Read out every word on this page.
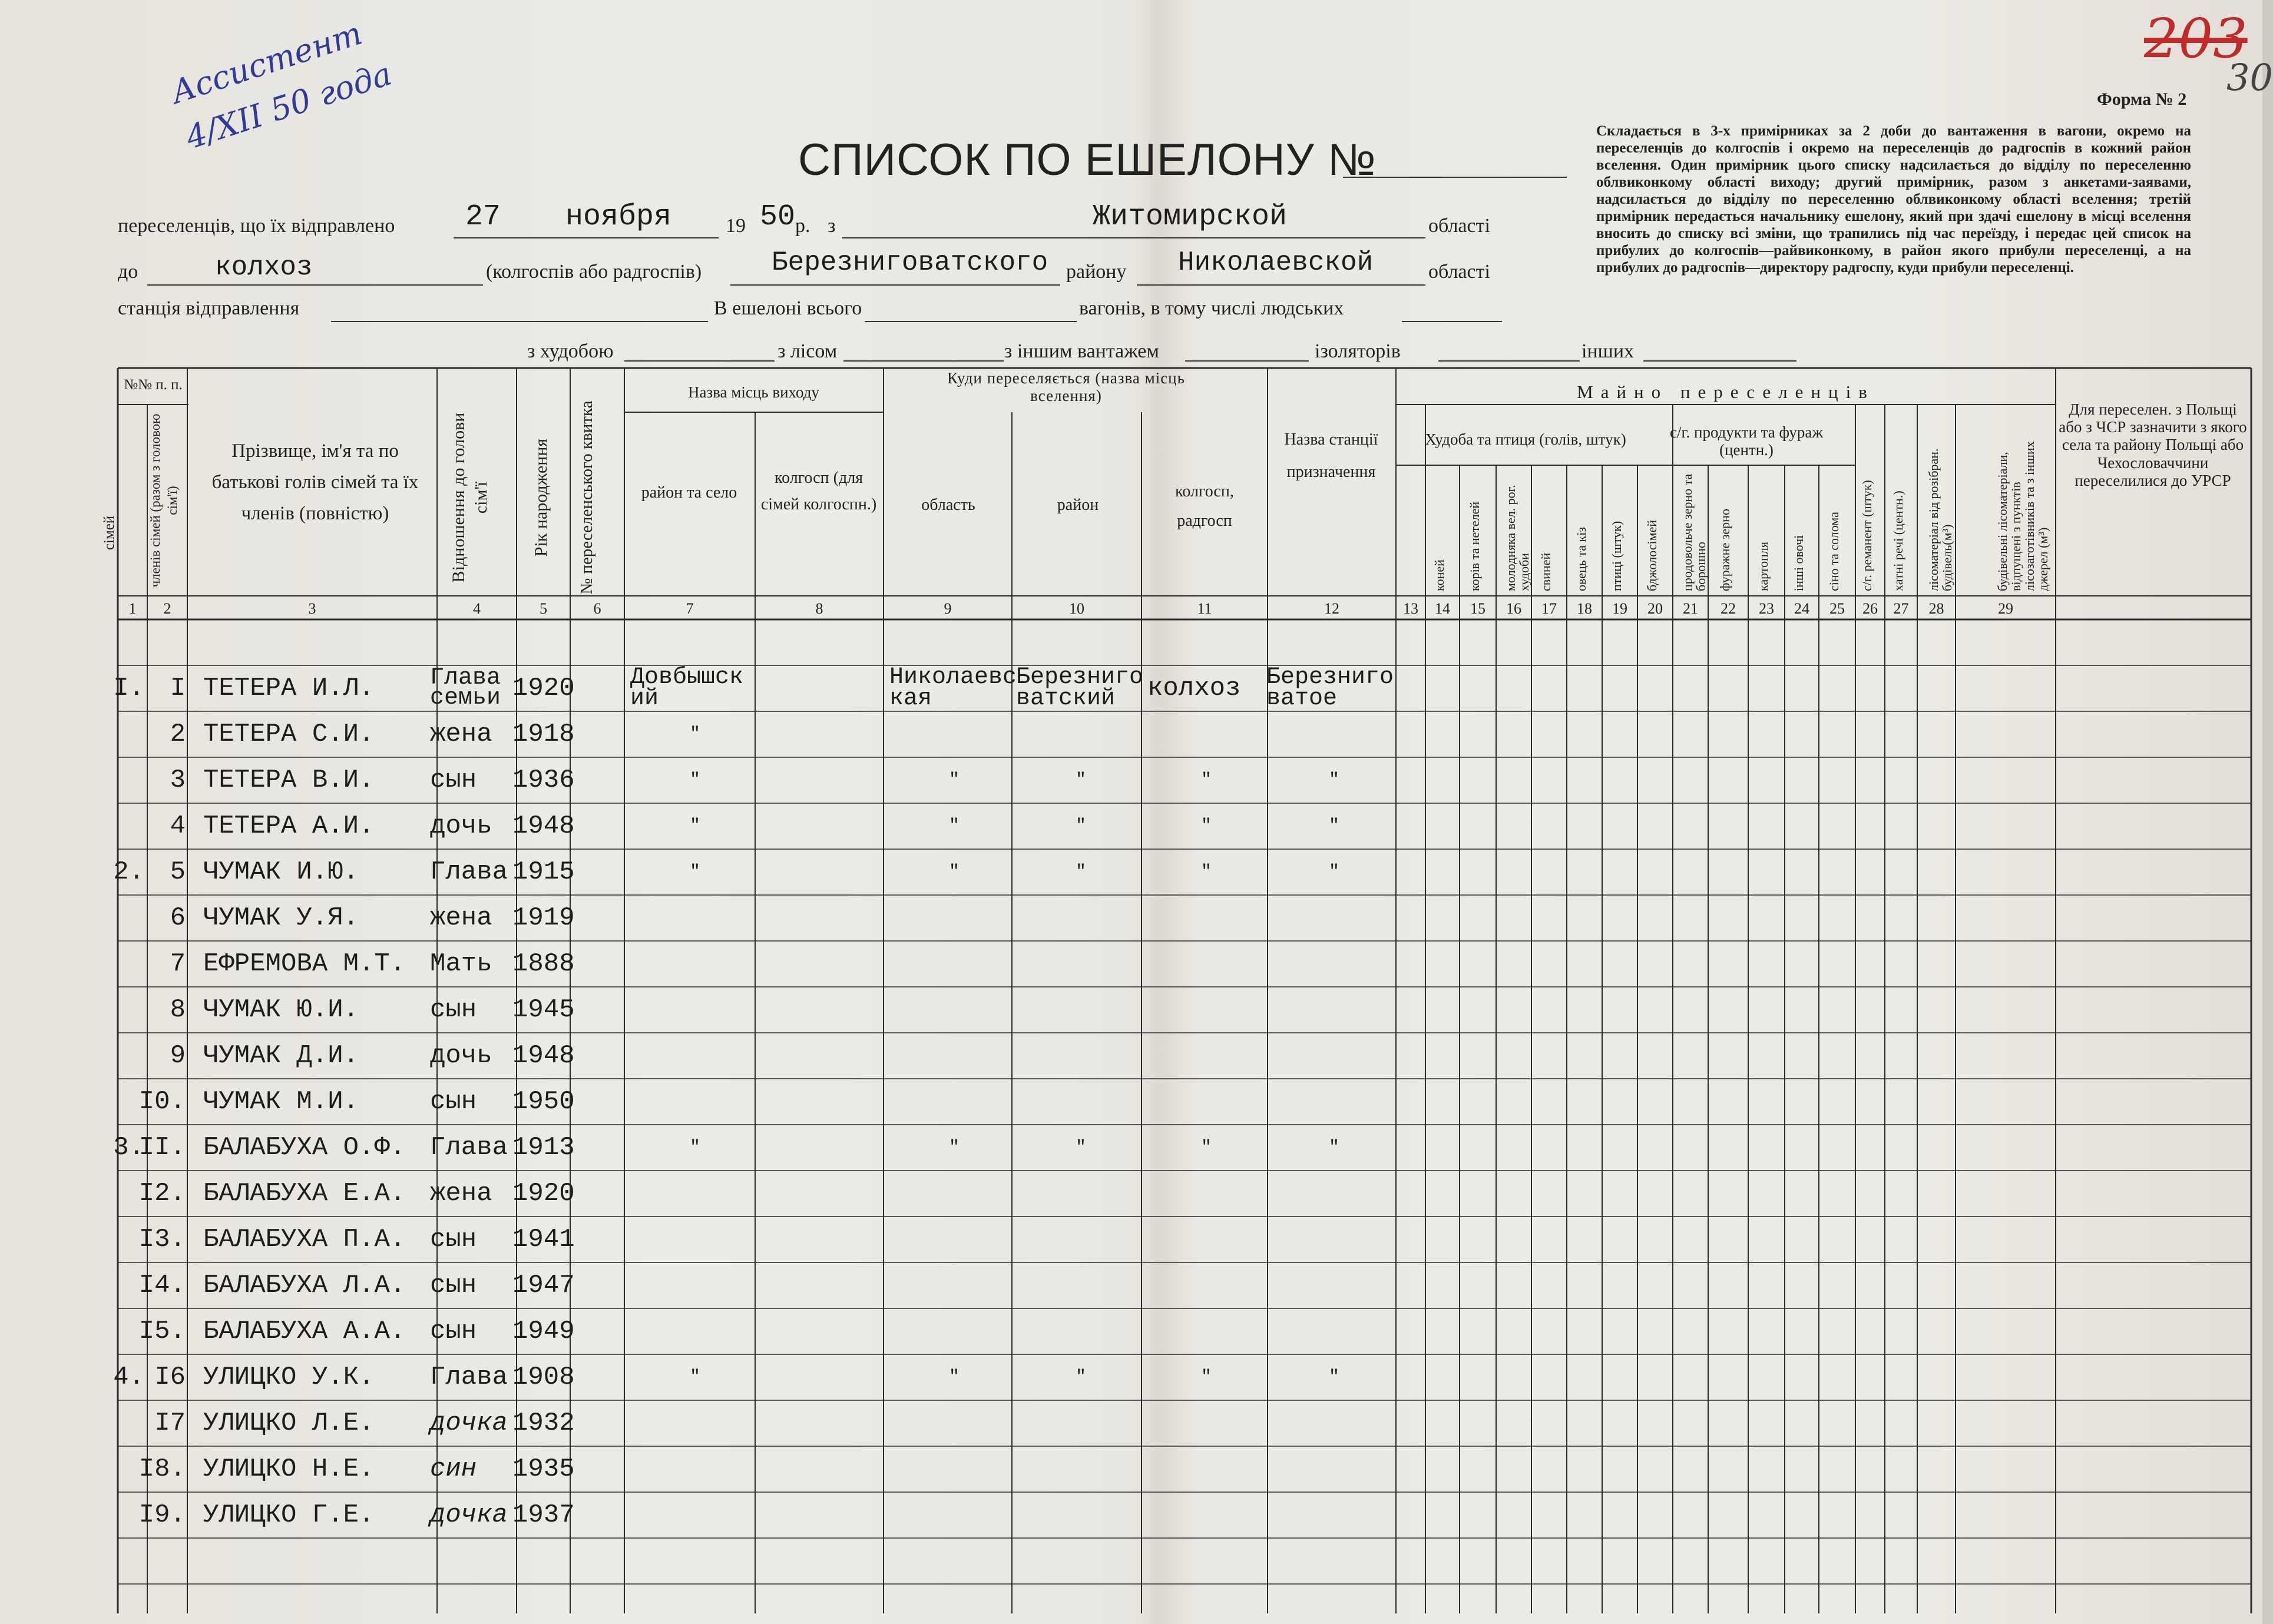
203
30
Ассистент
4/XII 50 года	Форма № 2
СПИСОК ПО ЕШЕЛОНУ №
Складається в 3-х примірниках за 2 доби до вантаження в вагони, окремо на переселенців до колгоспів і окремо на переселенців до радгоспів в кожний район вселення. Один примірник цього списку надсилається до відділу по переселенню облвиконкому області виходу; другий примірник, разом з анкетами-заявами, надсилається до відділу по переселенню облвиконкому області вселення; третій примірник передається начальнику ешелону, який при здачі ешелону в місці вселення вносить до списку всі зміни, що трапились під час переїзду, і передає цей список на прибулих до колгоспів—райвиконкому, в район якого прибули переселенці, а на прибулих до радгоспів—директору радгоспу, куди прибули переселенці.
переселенців, що їх відправлено 27 ноября	19 50 р. з	Житомирской	області
до	колхоз	(колгоспів або радгоспів)	Березниговатского району Николаевской	області
станція відправлення	В ешелоні всього	вагонів, в тому числі людських
з худобою	з лісом	з іншим вантажем	ізоляторів	інших
1 2	3	4	5	6	7	8	9	10	11	12	13 14 15 16 17 18 19 20 21 22 23 24 25 26 27 28	29
№№ п. п.
сімей членів сімей (разом з головою сім'ї)
Прізвище, ім'я та по батькові голів сімей та їх членів (повністю)	Відношення до голови сім'ї Рік народження № переселенського квитка
Назва місць виходу
район та село
колгосп (для сімей колгоспн.)
Куди переселяється (назва місць вселення)
область	район
колгосп, радгосп
Назва станції призначення
Майно переселенців
Худоба та птиця (голів, штук)	с/г. продукти та фураж (центн.)
Для переселен. з Польщі або з ЧСР зазначити з якого села та району Польщі або Чехословаччини переселилися до УРСР
коней корів та нетелей молодняка вел. рог. худоби свиней овець та кіз птиці (штук) бджолосімей продовольче зерно та борошно фуражне зерно картопля інші овочі сіно та солома с/г. реманент (штук) хатні речі (центн.) лісоматеріал від розібран. будівель(м³)	будівельні лісоматеріали, відпущені з пунктів лісозаготівників та з інших джерел (м³)
I. I ТЕТЕРА И.Л.	Глава семьи 1920 Довбышский
Николаевская
Березниговатский	колхоз	Березниговатое
2 ТЕТЕРА С.И.	жена 1918	"
3 ТЕТЕРА В.И.	сын	1936	"	"	"	"	"
4 ТЕТЕРА А.И.	дочь 1948	"	"	"	"	"
2. 5 ЧУМАК И.Ю.	Глава 1915	"	"	"	"	"
6 ЧУМАК У.Я.	жена 1919
7 ЕФРЕМОВА М.Т. Мать 1888
8 ЧУМАК Ю.И.	сын	1945
9 ЧУМАК Д.И.	дочь 1948
I0. ЧУМАК М.И.	сын	1950
3.
II. БАЛАБУХА О.Ф. Глава 1913	"	"	"	"	"
I2. БАЛАБУХА Е.А. жена 1920
I3. БАЛАБУХА П.А. сын	1941
I4. БАЛАБУХА Л.А. сын	1947
I5. БАЛАБУХА А.А. сын	1949
4. I6 УЛИЦКО У.К.	Глава 1908	"	"	"	"	"
I7 УЛИЦКО Л.Е.	дочка 1932
I8. УЛИЦКО Н.Е.	син	1935
I9. УЛИЦКО Г.Е.	дочка 1937
